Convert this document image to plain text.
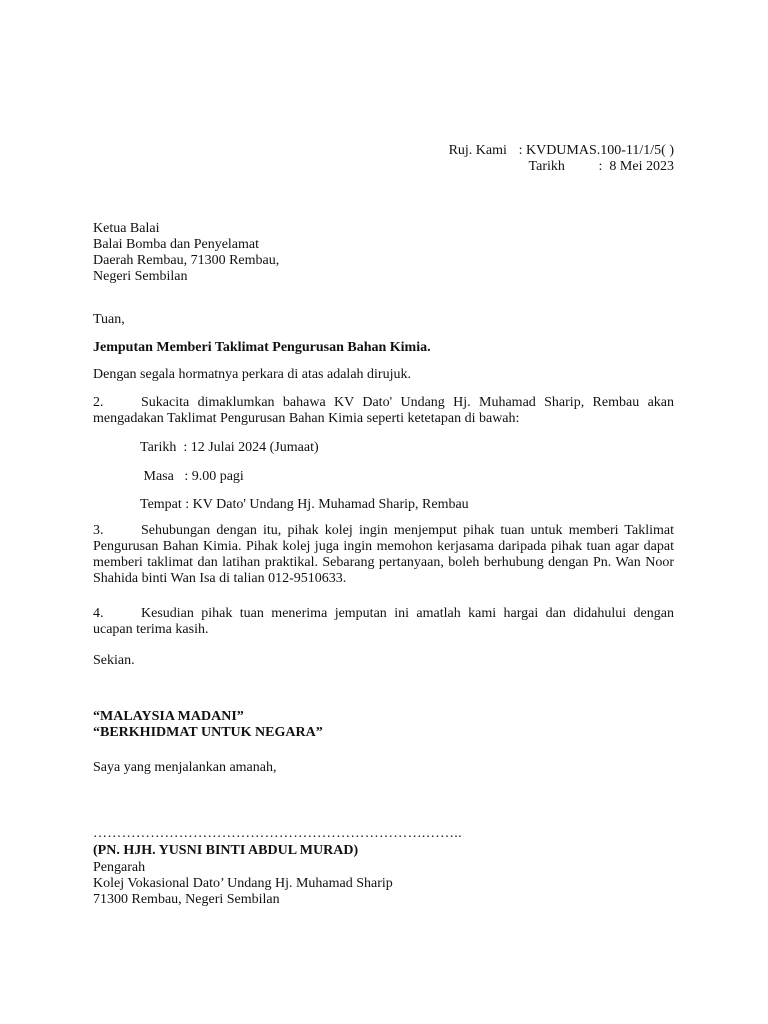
Ruj. Kami : KVDUMAS.100-11/1/5( )
Tarikh	:  8 Mei 2023
Ketua Balai
Balai Bomba dan Penyelamat
Daerah Rembau, 71300 Rembau,
Negeri Sembilan
Tuan,
Jemputan Memberi Taklimat Pengurusan Bahan Kimia.
Dengan segala hormatnya perkara di atas adalah dirujuk.
2.	Sukacita dimaklumkan bahawa KV Dato' Undang Hj. Muhamad Sharip, Rembau akan mengadakan Taklimat Pengurusan Bahan Kimia seperti ketetapan di bawah:
Tarikh  : 12 Julai 2024 (Jumaat)
Masa   : 9.00 pagi
Tempat : KV Dato' Undang Hj. Muhamad Sharip, Rembau
3.	Sehubungan dengan itu, pihak kolej ingin menjemput pihak tuan untuk memberi Taklimat Pengurusan Bahan Kimia. Pihak kolej juga ingin memohon kerjasama daripada pihak tuan agar dapat memberi taklimat dan latihan praktikal. Sebarang pertanyaan, boleh berhubung dengan Pn. Wan Noor Shahida binti Wan Isa di talian 012-9510633.
4.	Kesudian pihak tuan menerima jemputan ini amatlah kami hargai dan didahului dengan ucapan terima kasih.
Sekian.
“MALAYSIA MADANI”
“BERKHIDMAT UNTUK NEGARA”
Saya yang menjalankan amanah,
…………………………………………………………….……..
(PN. HJH. YUSNI BINTI ABDUL MURAD)
Pengarah
Kolej Vokasional Dato’ Undang Hj. Muhamad Sharip
71300 Rembau, Negeri Sembilan
